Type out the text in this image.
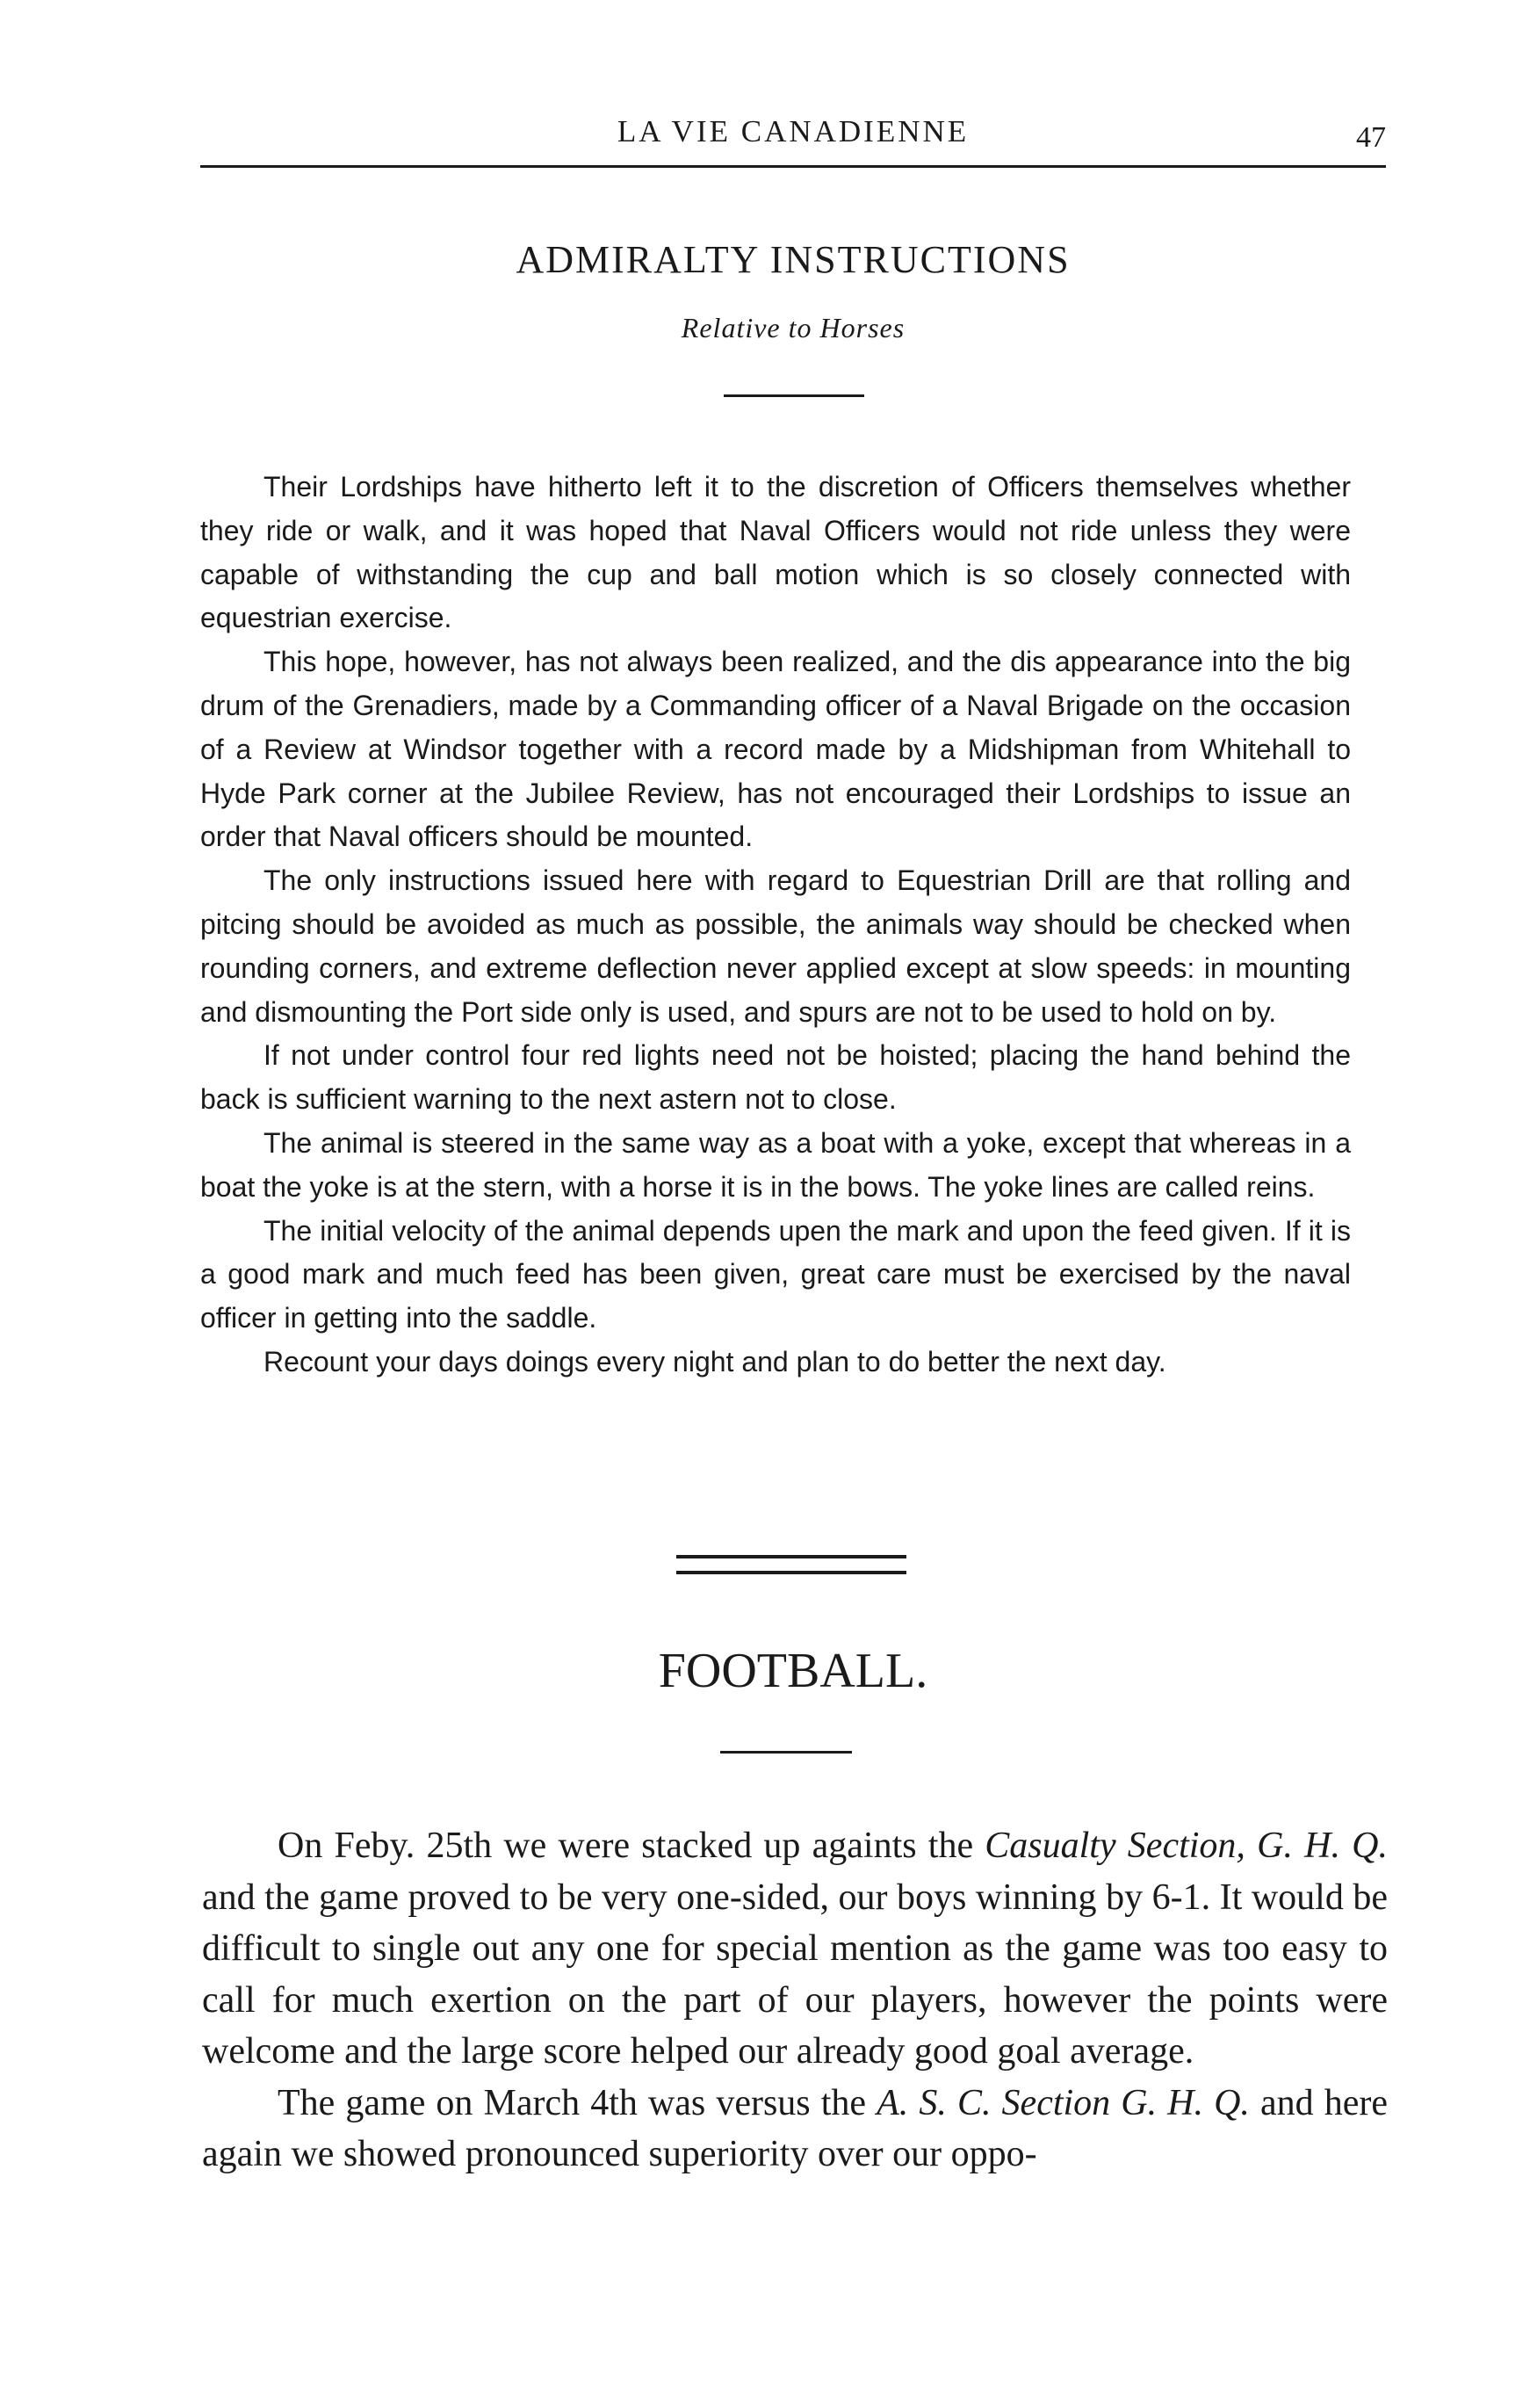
LA VIE CANADIENNE	47
ADMIRALTY INSTRUCTIONS
Relative to Horses

Their Lordships have hitherto left it to the discretion of Officers themselves whether they ride or walk, and it was hoped that Naval Officers would not ride unless they were capable of withstanding the cup and ball motion which is so closely connected with equestrian exercise.

This hope, however, has not always been realized, and the dis appearance into the big drum of the Grenadiers, made by a Commanding officer of a Naval Brigade on the occasion of a Review at Windsor together with a record made by a Midshipman from Whitehall to Hyde Park corner at the Jubilee Review, has not encouraged their Lordships to issue an order that Naval officers should be mounted.

The only instructions issued here with regard to Equestrian Drill are that rolling and pitcing should be avoided as much as possible, the animals way should be checked when rounding corners, and extreme deflection never applied except at slow speeds: in mounting and dismounting the Port side only is used, and spurs are not to be used to hold on by.

If not under control four red lights need not be hoisted; placing the hand behind the back is sufficient warning to the next astern not to close.

The animal is steered in the same way as a boat with a yoke, except that whereas in a boat the yoke is at the stern, with a horse it is in the bows. The yoke lines are called reins.

The initial velocity of the animal depends upen the mark and upon the feed given. If it is a good mark and much feed has been given, great care must be exercised by the naval officer in getting into the saddle.

Recount your days doings every night and plan to do better the next day.

FOOTBALL.

On Feby. 25th we were stacked up againts the Casualty Section, G. H. Q. and the game proved to be very one-sided, our boys winning by 6-1. It would be difficult to single out any one for special mention as the game was too easy to call for much exertion on the part of our players, however the points were welcome and the large score helped our already good goal average.

The game on March 4th was versus the A. S. C. Section G. H. Q. and here again we showed pronounced superiority over our oppo-
